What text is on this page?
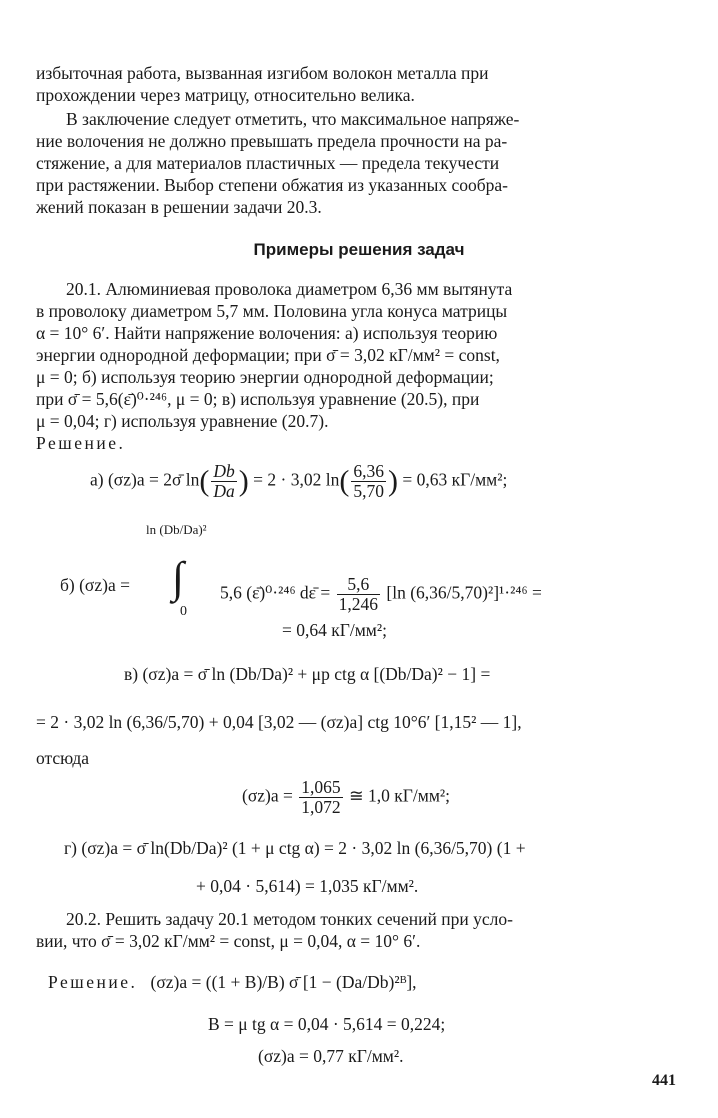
избыточная работа, вызванная изгибом волокон металла при
прохождении через матрицу, относительно велика.
В заключение следует отметить, что максимальное напряже-
ние волочения не должно превышать предела прочности на ра-
стяжение, а для материалов пластичных — предела текучести
при растяжении. Выбор степени обжатия из указанных сообра-
жений показан в решении задачи 20.3.
Примеры решения задач
20.1. Алюминиевая проволока диаметром 6,36 мм вытянута
в проволоку диаметром 5,7 мм. Половина угла конуса матрицы
α = 10° 6′. Найти напряжение волочения: а) используя теорию
энергии однородной деформации; при σ̄ = 3,02 кГ/мм² = const,
μ = 0; б) используя теорию энергии однородной деформации;
при σ̄ = 5,6(ε̄)⁰·²⁴⁶, μ = 0; в) используя уравнение (20.5), при
μ = 0,04; г) используя уравнение (20.7).
Решение.
а) (σz)a = 2σ̄ $\ln( \frac{Db}{Da}$ ) = 2 · 3,02 $\ln( \frac{6,36}{5,70}$ ) = 0,63 кГ/мм²;
ln (Db/Da)²
б) (σz)a = ∫
0
5,6 (ε̄)⁰·²⁴⁶ dε̄ = $\frac{5,6}{1,246} [\ln$ (6,36/5,70)²]¹·²⁴⁶ =
= 0,64 кГ/мм²;
в) (σz)a = σ̄ ln (Db/Da)² + μp ctg α [(Db/Da)² − 1] =
= 2 · 3,02 ln (6,36/5,70) + 0,04 [3,02 — (σz)a] ctg 10°6′ [1,15² — 1],
отсюда
$(\sigma z)a = \frac{1,065}{1,072}$ ≅ 1,0 кГ/мм²;
г) (σz)a = σ̄ ln(Db/Da)² (1 + μ ctg α) = 2 · 3,02 ln (6,36/5,70) (1 +
+ 0,04 · 5,614) = 1,035 кГ/мм².
20.2. Решить задачу 20.1 методом тонких сечений при усло-
вии, что σ̄ = 3,02 кГ/мм² = const, μ = 0,04, α = 10° 6′.
Решение. (σz)a = ((1 + B)/B) σ̄ [1 − (Da/Db)²ᴮ],
B = μ tg α = 0,04 · 5,614 = 0,224;
(σz)a = 0,77 кГ/мм².
441
